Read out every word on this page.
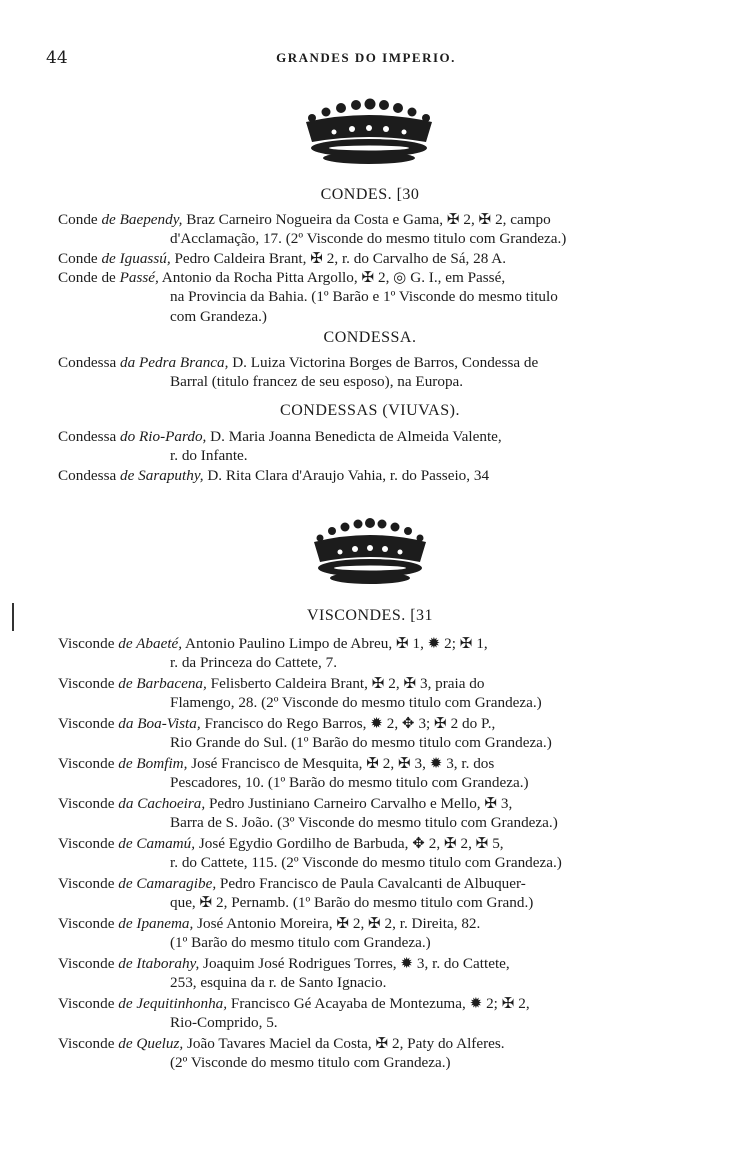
44	GRANDES DO IMPERIO.
CONDES. [30
Conde de Baependy, Braz Carneiro Nogueira da Costa e Gama, ✠ 2, ✠ 2, campo
d'Acclamação, 17. (2º Visconde do mesmo titulo com Grandeza.)
Conde de Iguassú, Pedro Caldeira Brant, ✠ 2, r. do Carvalho de Sá, 28 A.
Conde de Passé, Antonio da Rocha Pitta Argollo, ✠ 2, ◎ G. I., em Passé,
na Provincia da Bahia. (1º Barão e 1º Visconde do mesmo titulo
com Grandeza.)
CONDESSA.
Condessa da Pedra Branca, D. Luiza Victorina Borges de Barros, Condessa de
Barral (titulo francez de seu esposo), na Europa.
CONDESSAS (VIUVAS).
Condessa do Rio-Pardo, D. Maria Joanna Benedicta de Almeida Valente,
r. do Infante.
Condessa de Saraputhy, D. Rita Clara d'Araujo Vahia, r. do Passeio, 34
VISCONDES. [31
Visconde de Abaeté, Antonio Paulino Limpo de Abreu, ✠ 1, ✹ 2; ✠ 1,
r. da Princeza do Cattete, 7.
Visconde de Barbacena, Felisberto Caldeira Brant, ✠ 2, ✠ 3, praia do
Flamengo, 28. (2º Visconde do mesmo titulo com Grandeza.)
Visconde da Boa-Vista, Francisco do Rego Barros, ✹ 2, ✥ 3; ✠ 2 do P.,
Rio Grande do Sul. (1º Barão do mesmo titulo com Grandeza.)
Visconde de Bomfim, José Francisco de Mesquita, ✠ 2, ✠ 3, ✹ 3, r. dos
Pescadores, 10. (1º Barão do mesmo titulo com Grandeza.)
Visconde da Cachoeira, Pedro Justiniano Carneiro Carvalho e Mello, ✠ 3,
Barra de S. João. (3º Visconde do mesmo titulo com Grandeza.)
Visconde de Camamú, José Egydio Gordilho de Barbuda, ✥ 2, ✠ 2, ✠ 5,
r. do Cattete, 115. (2º Visconde do mesmo titulo com Grandeza.)
Visconde de Camaragibe, Pedro Francisco de Paula Cavalcanti de Albuquer-
que, ✠ 2, Pernamb. (1º Barão do mesmo titulo com Grand.)
Visconde de Ipanema, José Antonio Moreira, ✠ 2, ✠ 2, r. Direita, 82.
(1º Barão do mesmo titulo com Grandeza.)
Visconde de Itaborahy, Joaquim José Rodrigues Torres, ✹ 3, r. do Cattete,
253, esquina da r. de Santo Ignacio.
Visconde de Jequitinhonha, Francisco Gé Acayaba de Montezuma, ✹ 2; ✠ 2,
Rio-Comprido, 5.
Visconde de Queluz, João Tavares Maciel da Costa, ✠ 2, Paty do Alferes.
(2º Visconde do mesmo titulo com Grandeza.)
